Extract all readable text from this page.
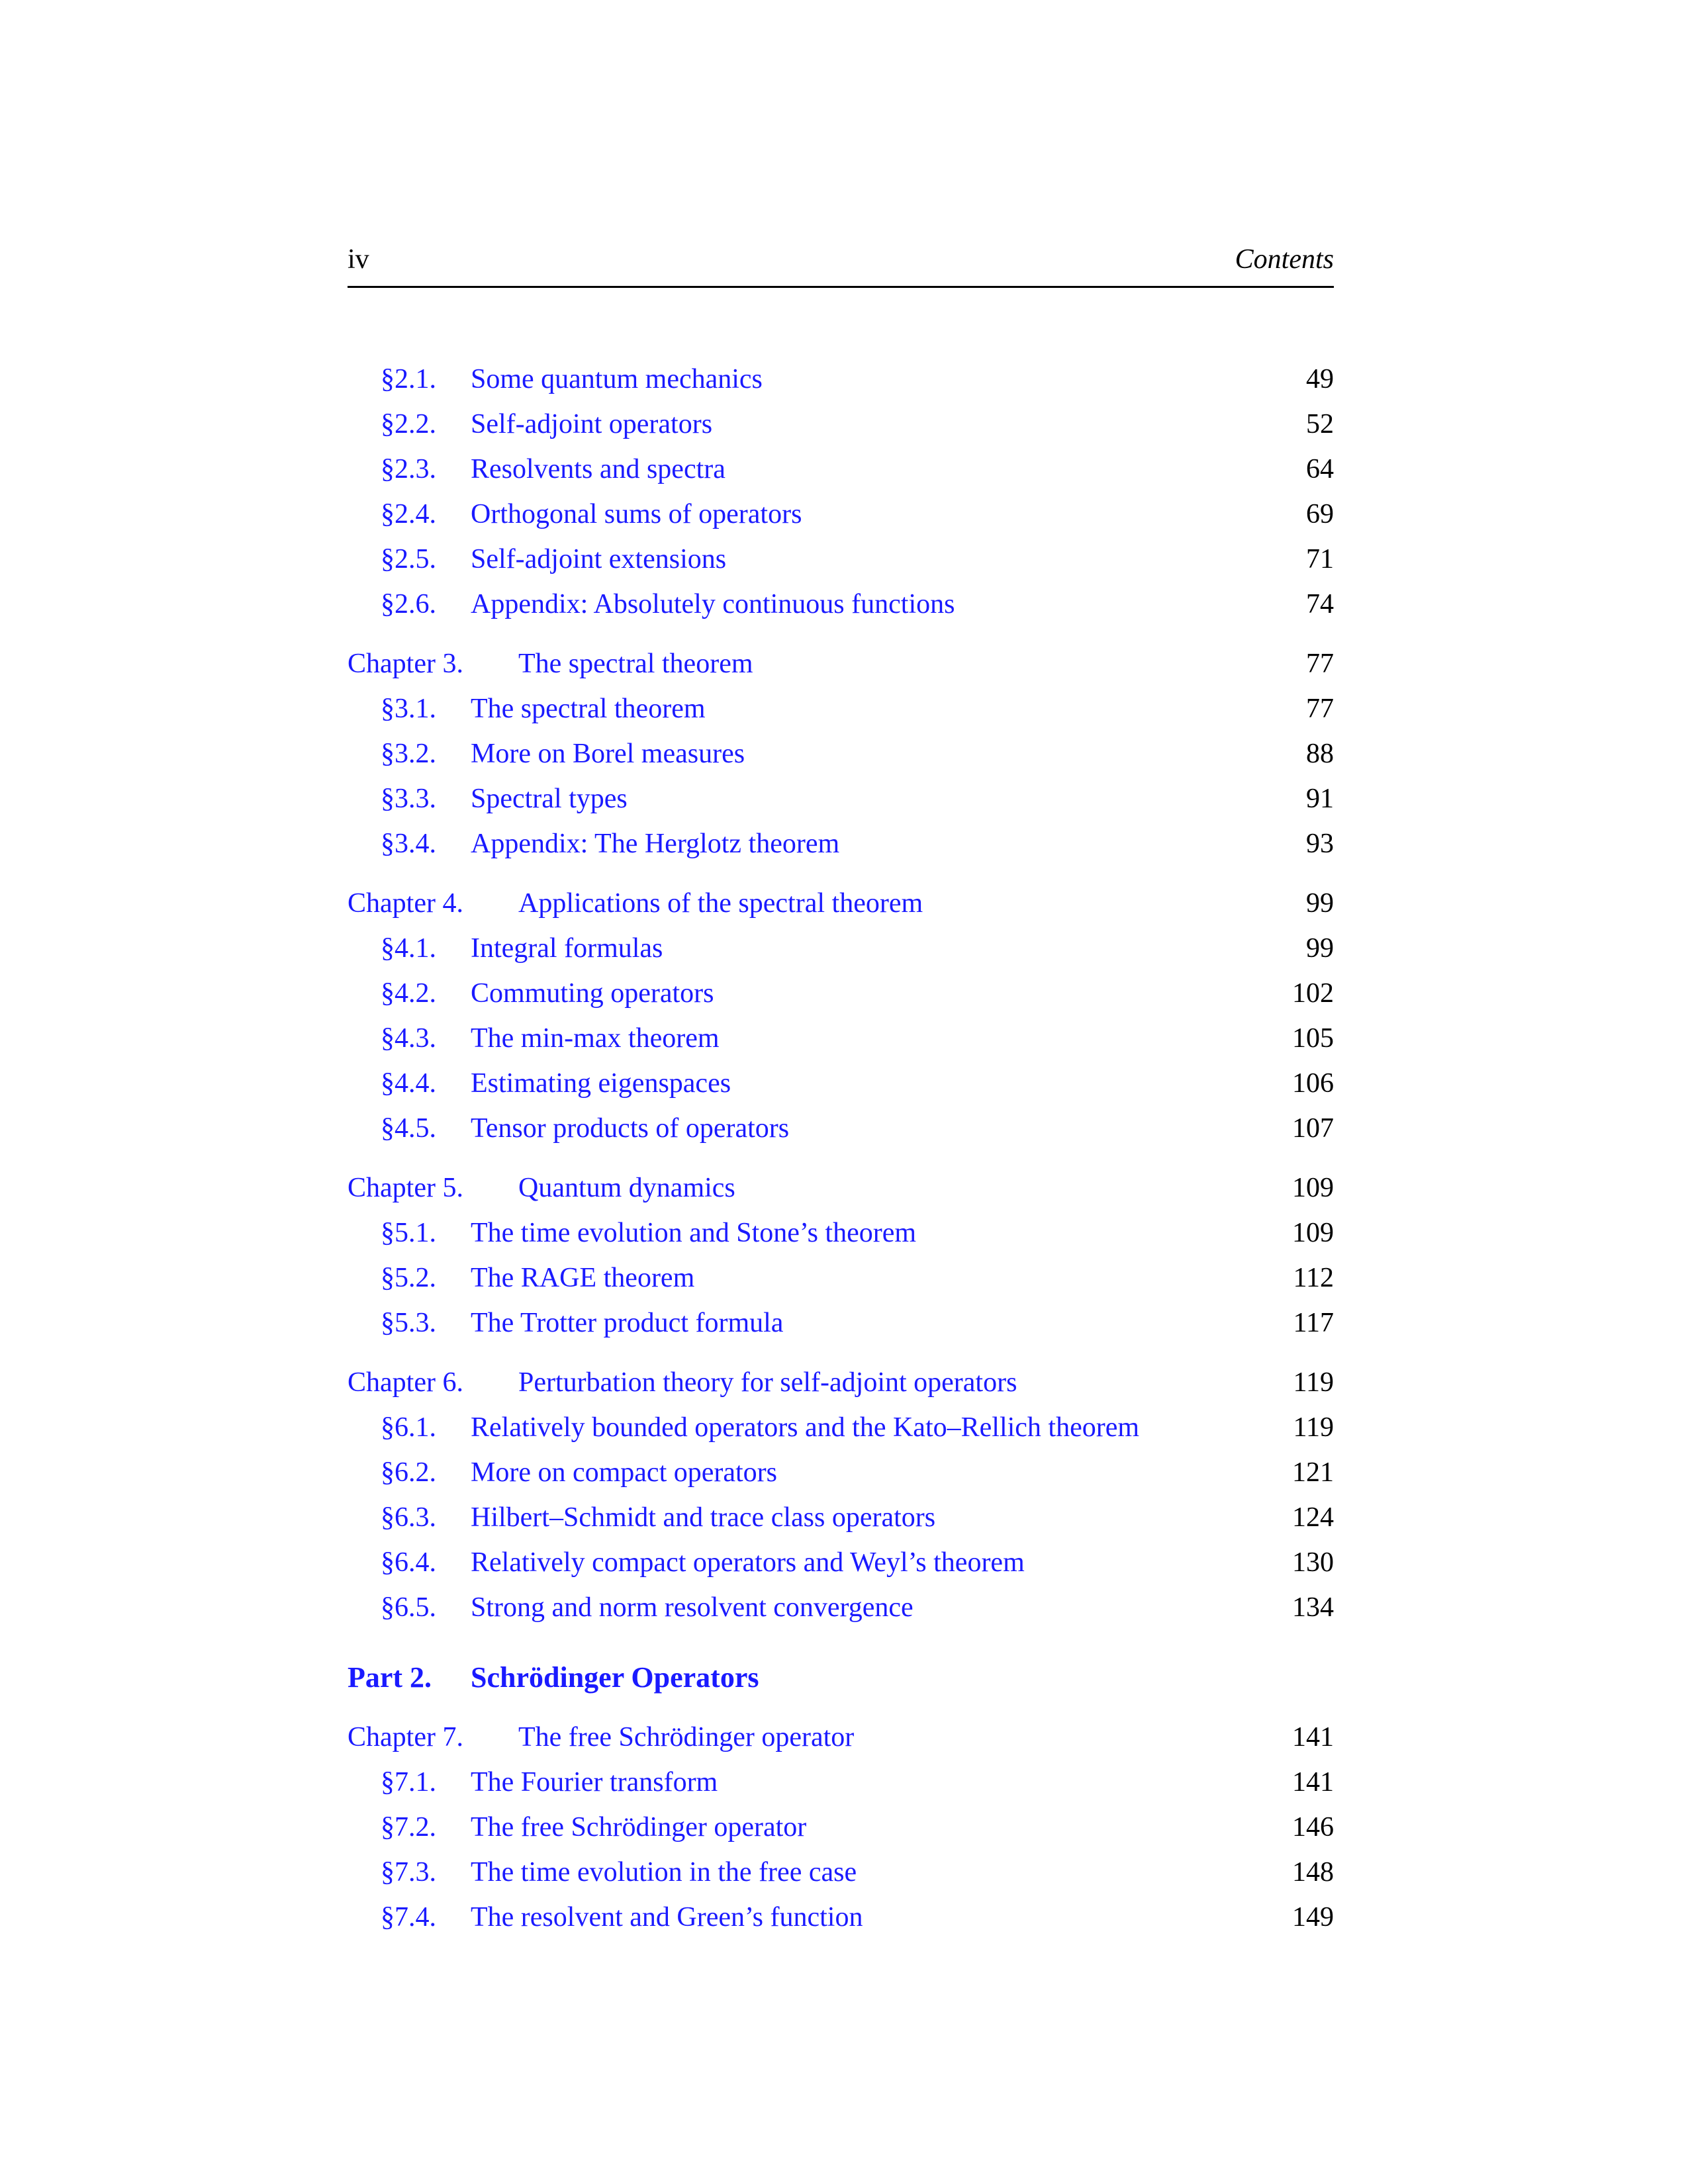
iv	Contents
§2.1. Some quantum mechanics	49
§2.2. Self-adjoint operators	52
§2.3. Resolvents and spectra	64
§2.4. Orthogonal sums of operators	69
§2.5. Self-adjoint extensions	71
§2.6. Appendix: Absolutely continuous functions	74
Chapter 3. The spectral theorem	77
§3.1. The spectral theorem	77
§3.2. More on Borel measures	88
§3.3. Spectral types	91
§3.4. Appendix: The Herglotz theorem	93
Chapter 4. Applications of the spectral theorem	99
§4.1. Integral formulas	99
§4.2. Commuting operators	102
§4.3. The min-max theorem	105
§4.4. Estimating eigenspaces	106
§4.5. Tensor products of operators	107
Chapter 5. Quantum dynamics	109
§5.1. The time evolution and Stone’s theorem	109
§5.2. The RAGE theorem	112
§5.3. The Trotter product formula	117
Chapter 6. Perturbation theory for self-adjoint operators	119
§6.1. Relatively bounded operators and the Kato–Rellich theorem	119
§6.2. More on compact operators	121
§6.3. Hilbert–Schmidt and trace class operators	124
§6.4. Relatively compact operators and Weyl’s theorem	130
§6.5. Strong and norm resolvent convergence	134
Part 2. Schrödinger Operators
Chapter 7. The free Schrödinger operator	141
§7.1. The Fourier transform	141
§7.2. The free Schrödinger operator	146
§7.3. The time evolution in the free case	148
§7.4. The resolvent and Green’s function	149
